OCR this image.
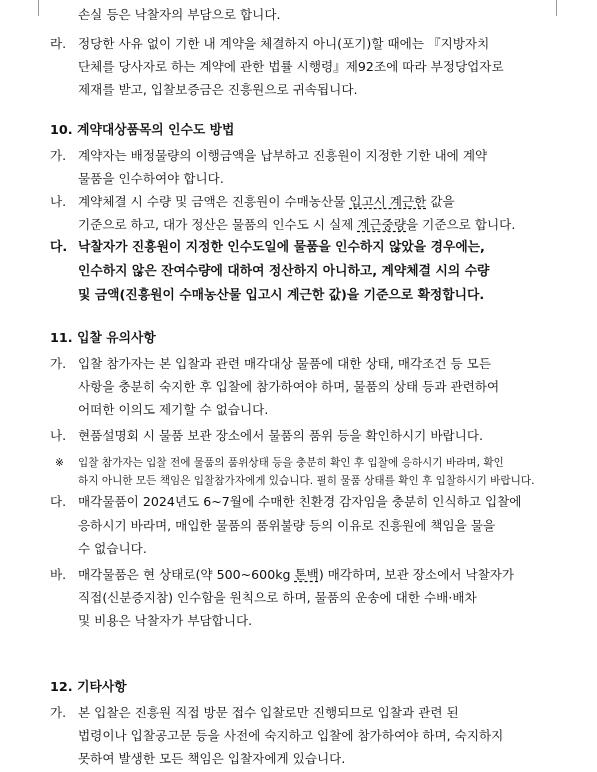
손실 등은 낙찰자의 부담으로 합니다.
라. 정당한 사유 없이 기한 내 계약을 체결하지 아니(포기)할 때에는 『지방자치
단체를 당사자로 하는 계약에 관한 법률 시행령』제92조에 따라 부정당업자로
제재를 받고, 입찰보증금은 진흥원으로 귀속됩니다.
10. 계약대상품목의 인수도 방법
가. 계약자는 배정물량의 이행금액을 납부하고 진흥원이 지정한 기한 내에 계약
물품을 인수하여야 합니다.
나. 계약체결 시 수량 및 금액은 진흥원이 수매농산물 입고시 계근한 값을
기준으로 하고, 대가 정산은 물품의 인수도 시 실제 계근중량을 기준으로 합니다.
다. 낙찰자가 진흥원이 지정한 인수도일에 물품을 인수하지 않았을 경우에는,
인수하지 않은 잔여수량에 대하여 정산하지 아니하고, 계약체결 시의 수량
및 금액(진흥원이 수매농산물 입고시 계근한 값)을 기준으로 확정합니다.
11. 입찰 유의사항
가. 입찰 참가자는 본 입찰과 관련 매각대상 물품에 대한 상태, 매각조건 등 모든
사항을 충분히 숙지한 후 입찰에 참가하여야 하며, 물품의 상태 등과 관련하여
어떠한 이의도 제기할 수 없습니다.
나. 현품설명회 시 물품 보관 장소에서 물품의 품위 등을 확인하시기 바랍니다.
※ 입찰 참가자는 입찰 전에 물품의 품위상태 등을 충분히 확인 후 입찰에 응하시기 바라며, 확인
하지 아니한 모든 책임은 입찰참가자에게 있습니다. 필히 물품 상태를 확인 후 입찰하시기 바랍니다.
다. 매각물품이 2024년도 6~7월에 수매한 친환경 감자임을 충분히 인식하고 입찰에
응하시기 바라며, 매입한 물품의 품위불량 등의 이유로 진흥원에 책임을 물을
수 없습니다.
바. 매각물품은 현 상태로(약 500~600kg 톤백) 매각하며, 보관 장소에서 낙찰자가
직접(신분증지참) 인수함을 원칙으로 하며, 물품의 운송에 대한 수배·배차
및 비용은 낙찰자가 부담합니다.
12. 기타사항
가. 본 입찰은 진흥원 직접 방문 접수 입찰로만 진행되므로 입찰과 관련 된
법령이나 입찰공고문 등을 사전에 숙지하고 입찰에 참가하여야 하며, 숙지하지
못하여 발생한 모든 책임은 입찰자에게 있습니다.
